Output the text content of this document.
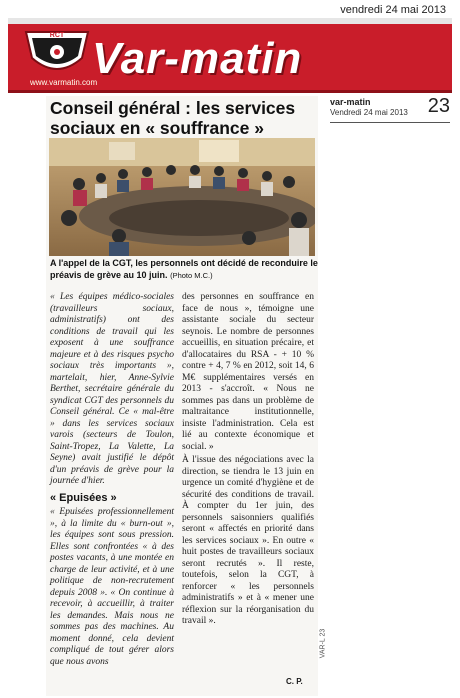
vendredi 24 mai 2013
RCT Var-matin
www.varmatin.com
var-matin
Vendredi 24 mai 2013 23
Conseil général : les services sociaux en « souffrance »
A l'appel de la CGT, les personnels ont décidé de reconduire le préavis de grève au 10 juin. (Photo M.C.)

« Les équipes médico-sociales (travailleurs sociaux, administratifs) ont des conditions de travail qui les exposent à une souffrance majeure et à des risques psycho sociaux très importants », martelait, hier, Anne-Sylvie Berthet, secrétaire générale du syndicat CGT des personnels du Conseil général. Ce « mal-être » dans les services sociaux varois (secteurs de Toulon, Saint-Tropez, La Valette, La Seyne) avait justifié le dépôt d'un préavis de grève pour la journée d'hier.

« Epuisées »

« Epuisées professionnellement », à la limite du « burn-out », les équipes sont sous pression. Elles sont confrontées « à des postes vacants, à une montée en charge de leur activité, et à une politique de non-recrutement depuis 2008 ». « On continue à recevoir, à accueillir, à traiter les demandes. Mais nous ne sommes pas des machines. Au moment donné, cela devient compliqué de tout gérer alors que nous avons

des personnes en souffrance en face de nous », témoigne une assistante sociale du secteur seynois. Le nombre de personnes accueillis, en situation précaire, et d'allocataires du RSA - + 10 % contre + 4, 7 % en 2012, soit 14, 6 M€ supplémentaires versés en 2013 - s'accroît. « Nous ne sommes pas dans un problème de maltraitance institutionnelle, insiste l'administration. Cela est lié au contexte économique et social. »

À l'issue des négociations avec la direction, se tiendra le 13 juin en urgence un comité d'hygiène et de sécurité des conditions de travail. À compter du 1er juin, des personnels saisonniers qualifiés seront « affectés en priorité dans les services sociaux ». En outre « huit postes de travailleurs sociaux seront recrutés ». Il reste, toutefois, selon la CGT, à renforcer « les personnels administratifs » et à « mener une réflexion sur la réorganisation du travail ».

C. P.
VAR-L 23
